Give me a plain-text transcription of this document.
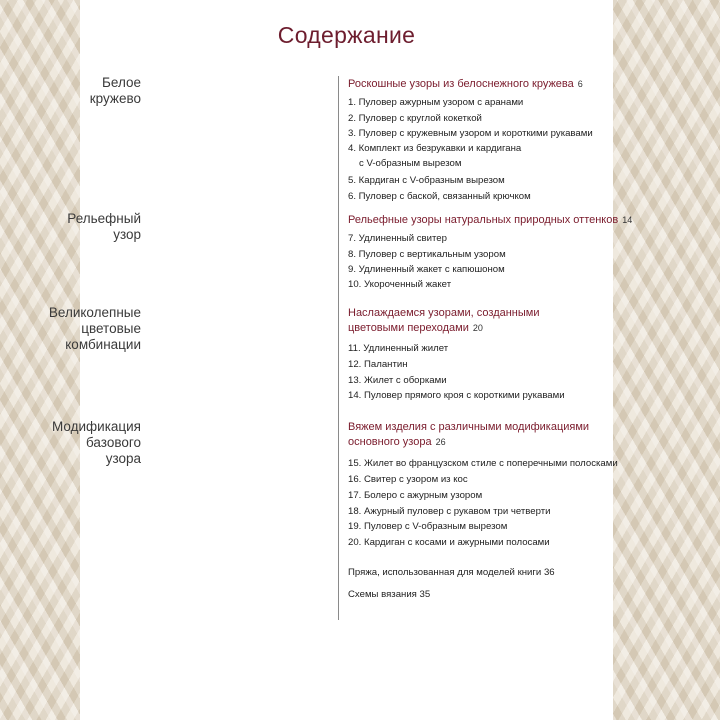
Содержание
Белое кружево
Роскошные узоры из белоснежного кружева 6
1. Пуловер ажурным узором с аранами
2. Пуловер с круглой кокеткой
3. Пуловер с кружевным узором и короткими рукавами
4. Комплект из безрукавки и кардигана
с V-образным вырезом
5. Кардиган с V-образным вырезом
6. Пуловер с баской, связанный крючком
Рельефный узор
Рельефные узоры натуральных природных оттенков 14
7. Удлиненный свитер
8. Пуловер с вертикальным узором
9. Удлиненный жакет с капюшоном
10. Укороченный жакет
Великолепные
цветовые
комбинации
Наслаждаемся узорами, созданными
цветовыми переходами 20
11. Удлиненный жилет
12. Палантин
13. Жилет с оборками
14. Пуловер прямого кроя с короткими рукавами
Модификация
базового узора
Вяжем изделия с различными модификациями
основного узора 26
15. Жилет во французском стиле с поперечными полосками
16. Свитер с узором из кос
17. Болеро с ажурным узором
18. Ажурный пуловер с рукавом три четверти
19. Пуловер с V-образным вырезом
20. Кардиган с косами и ажурными полосами
Пряжа, использованная для моделей книги 36
Схемы вязания 35
